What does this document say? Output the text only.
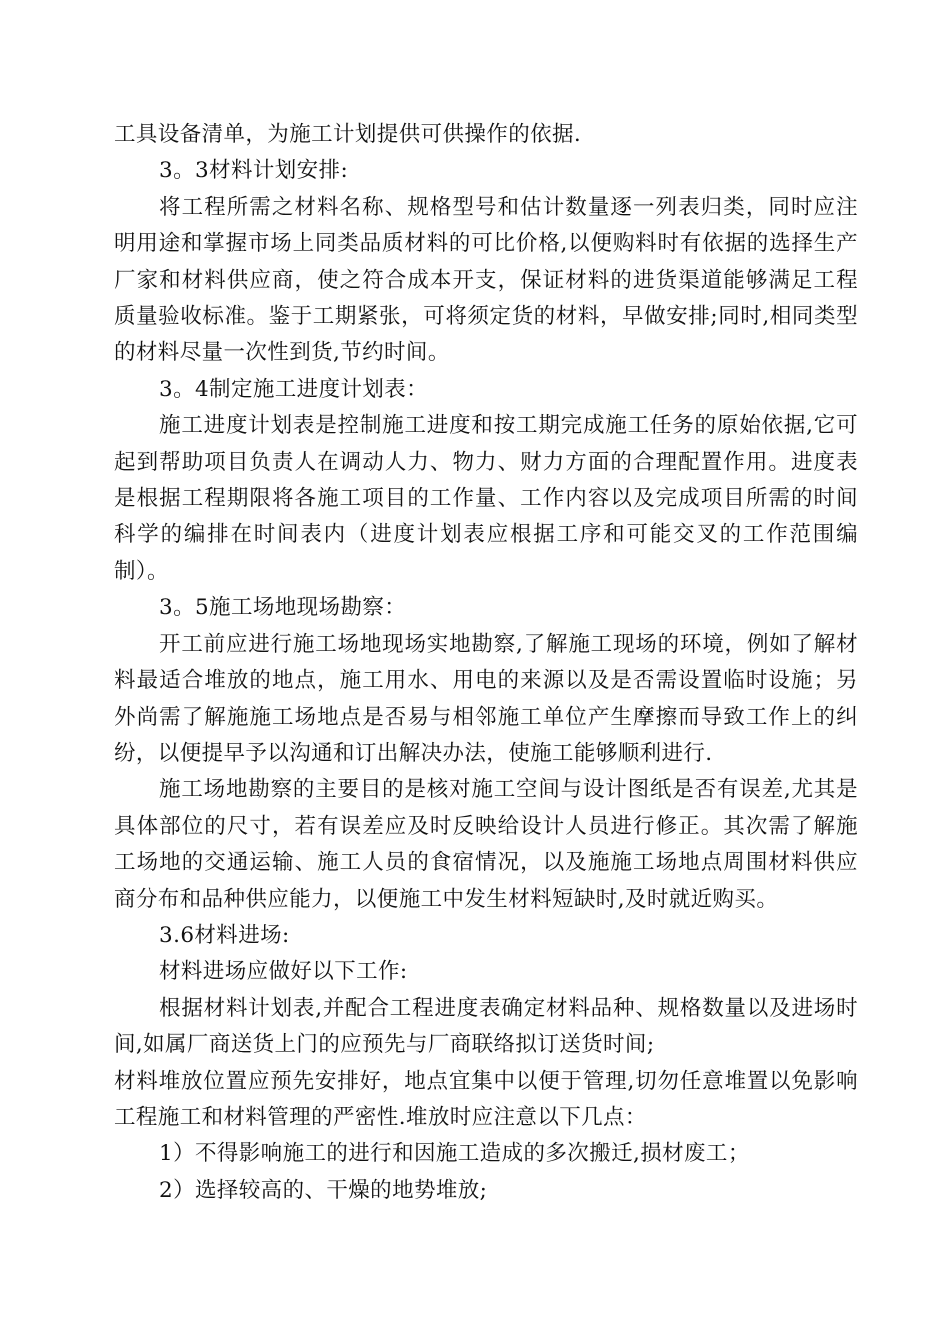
工具设备清单，为施工计划提供可供操作的依据.

3。3材料计划安排:

将工程所需之材料名称、规格型号和估计数量逐一列表归类，同时应注明用途和掌握市场上同类品质材料的可比价格,以便购料时有依据的选择生产厂家和材料供应商，使之符合成本开支，保证材料的进货渠道能够满足工程质量验收标准。鉴于工期紧张，可将须定货的材料，早做安排;同时,相同类型的材料尽量一次性到货,节约时间。

3。4制定施工进度计划表：

施工进度计划表是控制施工进度和按工期完成施工任务的原始依据,它可起到帮助项目负责人在调动人力、物力、财力方面的合理配置作用。进度表是根据工程期限将各施工项目的工作量、工作内容以及完成项目所需的时间科学的编排在时间表内（进度计划表应根据工序和可能交叉的工作范围编制）。

3。5施工场地现场勘察：

开工前应进行施工场地现场实地勘察,了解施工现场的环境，例如了解材料最适合堆放的地点，施工用水、用电的来源以及是否需设置临时设施；另外尚需了解施施工场地点是否易与相邻施工单位产生摩擦而导致工作上的纠纷，以便提早予以沟通和订出解决办法，使施工能够顺利进行.

施工场地勘察的主要目的是核对施工空间与设计图纸是否有误差,尤其是具体部位的尺寸，若有误差应及时反映给设计人员进行修正。其次需了解施工场地的交通运输、施工人员的食宿情况，以及施施工场地点周围材料供应商分布和品种供应能力，以便施工中发生材料短缺时,及时就近购买。

3.6材料进场:

材料进场应做好以下工作:

根据材料计划表,并配合工程进度表确定材料品种、规格数量以及进场时间,如属厂商送货上门的应预先与厂商联络拟订送货时间;

材料堆放位置应预先安排好，地点宜集中以便于管理,切勿任意堆置以免影响工程施工和材料管理的严密性.堆放时应注意以下几点：

1）不得影响施工的进行和因施工造成的多次搬迁,损材废工；

2）选择较高的、干燥的地势堆放;
